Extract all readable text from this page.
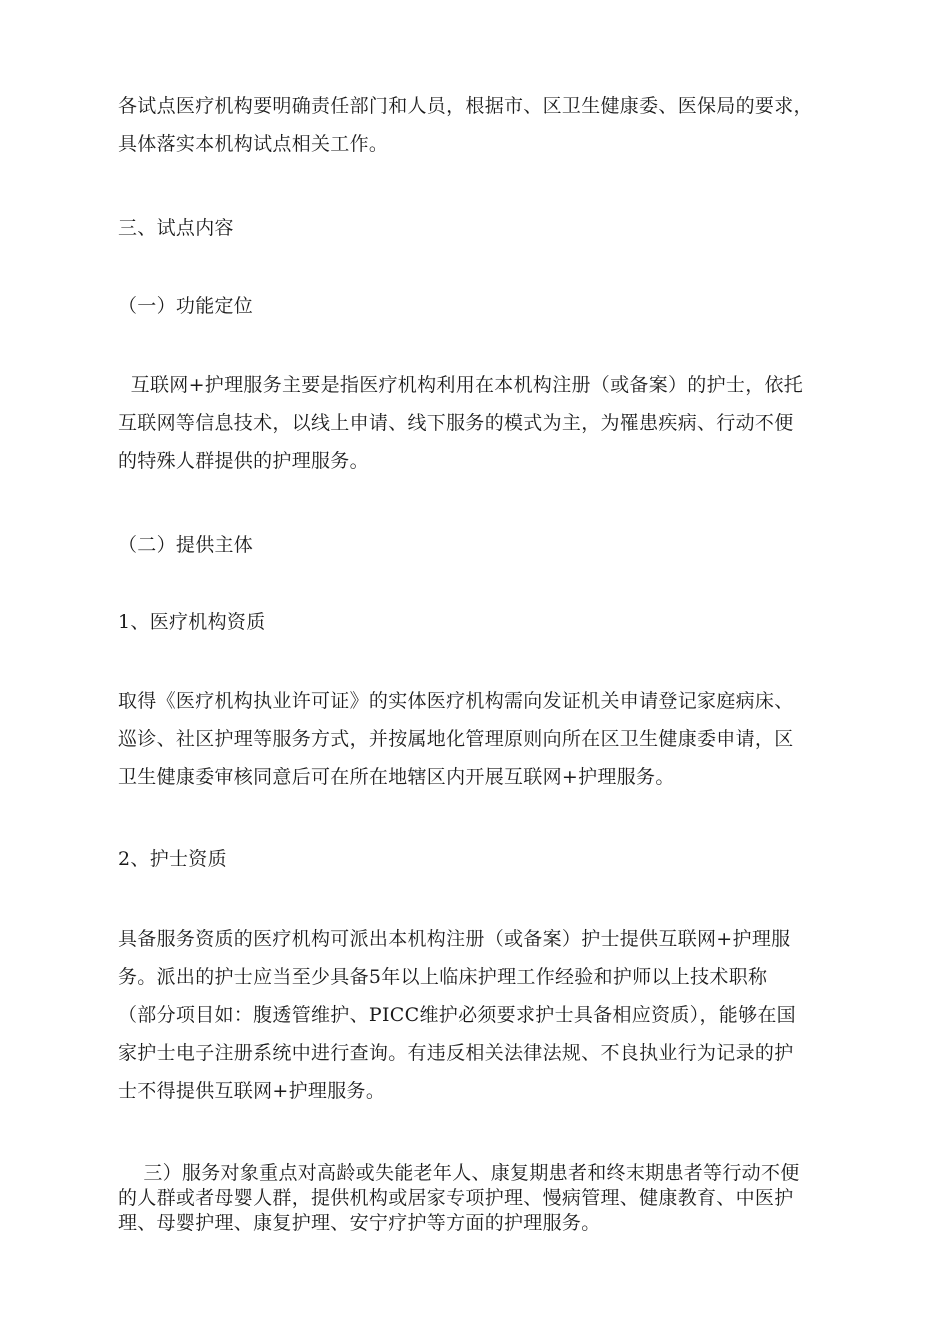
各试点医疗机构要明确责任部门和人员，根据市、区卫生健康委、医保局的要求，
具体落实本机构试点相关工作。
三、试点内容
（一）功能定位
互联网+护理服务主要是指医疗机构利用在本机构注册（或备案）的护士，依托
互联网等信息技术，以线上申请、线下服务的模式为主，为罹患疾病、行动不便
的特殊人群提供的护理服务。
（二）提供主体
1、医疗机构资质
取得《医疗机构执业许可证》的实体医疗机构需向发证机关申请登记家庭病床、
巡诊、社区护理等服务方式，并按属地化管理原则向所在区卫生健康委申请，区
卫生健康委审核同意后可在所在地辖区内开展互联网+护理服务。
2、护士资质
具备服务资质的医疗机构可派出本机构注册（或备案）护士提供互联网+护理服
务。派出的护士应当至少具备5年以上临床护理工作经验和护师以上技术职称
（部分项目如：腹透管维护、PICC维护必须要求护士具备相应资质），能够在国
家护士电子注册系统中进行查询。有违反相关法律法规、不良执业行为记录的护
士不得提供互联网+护理服务。
三）服务对象重点对高龄或失能老年人、康复期患者和终末期患者等行动不便
的人群或者母婴人群，提供机构或居家专项护理、慢病管理、健康教育、中医护
理、母婴护理、康复护理、安宁疗护等方面的护理服务。
